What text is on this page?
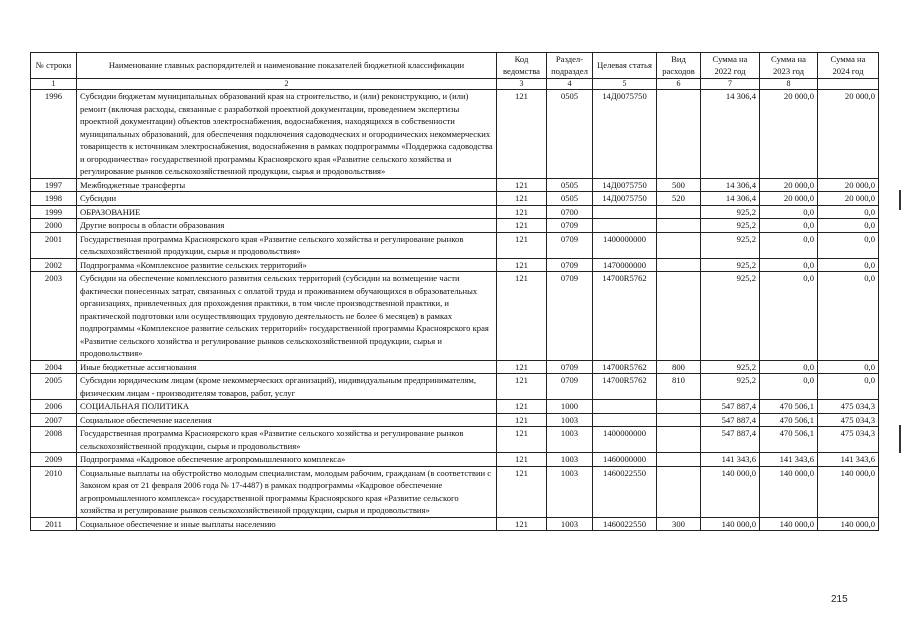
№ строки	Наименование главных распорядителей и наименование показателей бюджетной классификации	Код ведомства	Раздел-подраздел	Целевая статья	Вид расходов	Сумма на 2022 год	Сумма на 2023 год	Сумма на 2024 год
1	2	3	4	5	6	7	8	
1996	Субсидии бюджетам муниципальных образований края на строительство, и (или) реконструкцию, и (или) ремонт (включая расходы, связанные с разработкой проектной документации, проведением экспертизы проектной документации) объектов электроснабжения, водоснабжения, находящихся в собственности муниципальных образований, для обеспечения подключения садоводческих и огороднических некоммерческих товариществ к источникам электроснабжения, водоснабжения в рамках подпрограммы «Поддержка садоводства и огородничества» государственной программы Красноярского края «Развитие сельского хозяйства и регулирование рынков сельскохозяйственной продукции, сырья и продовольствия»	121	0505	14Д0075750		14 306,4	20 000,0	20 000,0
1997	Межбюджетные трансферты	121	0505	14Д0075750	500	14 306,4	20 000,0	20 000,0
1998	Субсидии	121	0505	14Д0075750	520	14 306,4	20 000,0	20 000,0
1999	ОБРАЗОВАНИЕ	121	0700			925,2	0,0	0,0
2000	Другие вопросы в области образования	121	0709			925,2	0,0	0,0
2001	Государственная программа Красноярского края «Развитие сельского хозяйства и регулирование рынков сельскохозяйственной продукции, сырья и продовольствия»	121	0709	1400000000		925,2	0,0	0,0
2002	Подпрограмма «Комплексное развитие сельских территорий»	121	0709	1470000000		925,2	0,0	0,0
2003	Субсидии на обеспечение комплексного развития сельских территорий (субсидии на возмещение части фактически понесенных затрат, связанных с оплатой труда и проживанием обучающихся в образовательных организациях, привлеченных для прохождения практики, в том числе производственной практики, и практической подготовки или осуществляющих трудовую деятельность не более 6 месяцев) в рамках подпрограммы «Комплексное развитие сельских территорий» государственной программы Красноярского края «Развитие сельского хозяйства и регулирование рынков сельскохозяйственной продукции, сырья и продовольствия»	121	0709	14700R5762		925,2	0,0	0,0
2004	Иные бюджетные ассигнования	121	0709	14700R5762	800	925,2	0,0	0,0
2005	Субсидии юридическим лицам (кроме некоммерческих организаций), индивидуальным предпринимателям, физическим лицам - производителям товаров, работ, услуг	121	0709	14700R5762	810	925,2	0,0	0,0
2006	СОЦИАЛЬНАЯ ПОЛИТИКА	121	1000			547 887,4	470 506,1	475 034,3
2007	Социальное обеспечение населения	121	1003			547 887,4	470 506,1	475 034,3
2008	Государственная программа Красноярского края «Развитие сельского хозяйства и регулирование рынков сельскохозяйственной продукции, сырья и продовольствия»	121	1003	1400000000		547 887,4	470 506,1	475 034,3
2009	Подпрограмма «Кадровое обеспечение агропромышленного комплекса»	121	1003	1460000000		141 343,6	141 343,6	141 343,6
2010	Социальные выплаты на обустройство молодым специалистам, молодым рабочим, гражданам (в соответствии с Законом края от 21 февраля 2006 года № 17-4487) в рамках подпрограммы «Кадровое обеспечение агропромышленного комплекса» государственной программы Красноярского края «Развитие сельского хозяйства и регулирование рынков сельскохозяйственной продукции, сырья и продовольствия»	121	1003	1460022550		140 000,0	140 000,0	140 000,0
2011	Социальное обеспечение и иные выплаты населению	121	1003	1460022550	300	140 000,0	140 000,0	140 000,0
215
